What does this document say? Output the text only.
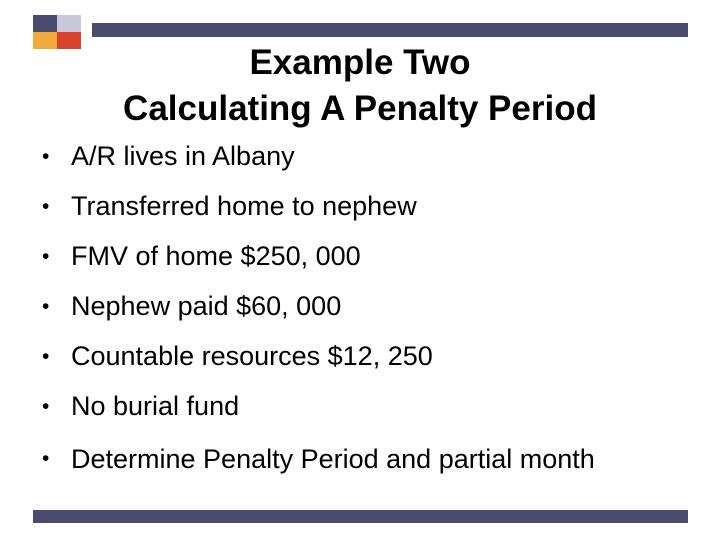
Example Two
Calculating A Penalty Period
• A/R lives in Albany
• Transferred home to nephew
• FMV of home $250, 000
• Nephew paid $60, 000
• Countable resources $12, 250
• No burial fund
• Determine Penalty Period and partial month
